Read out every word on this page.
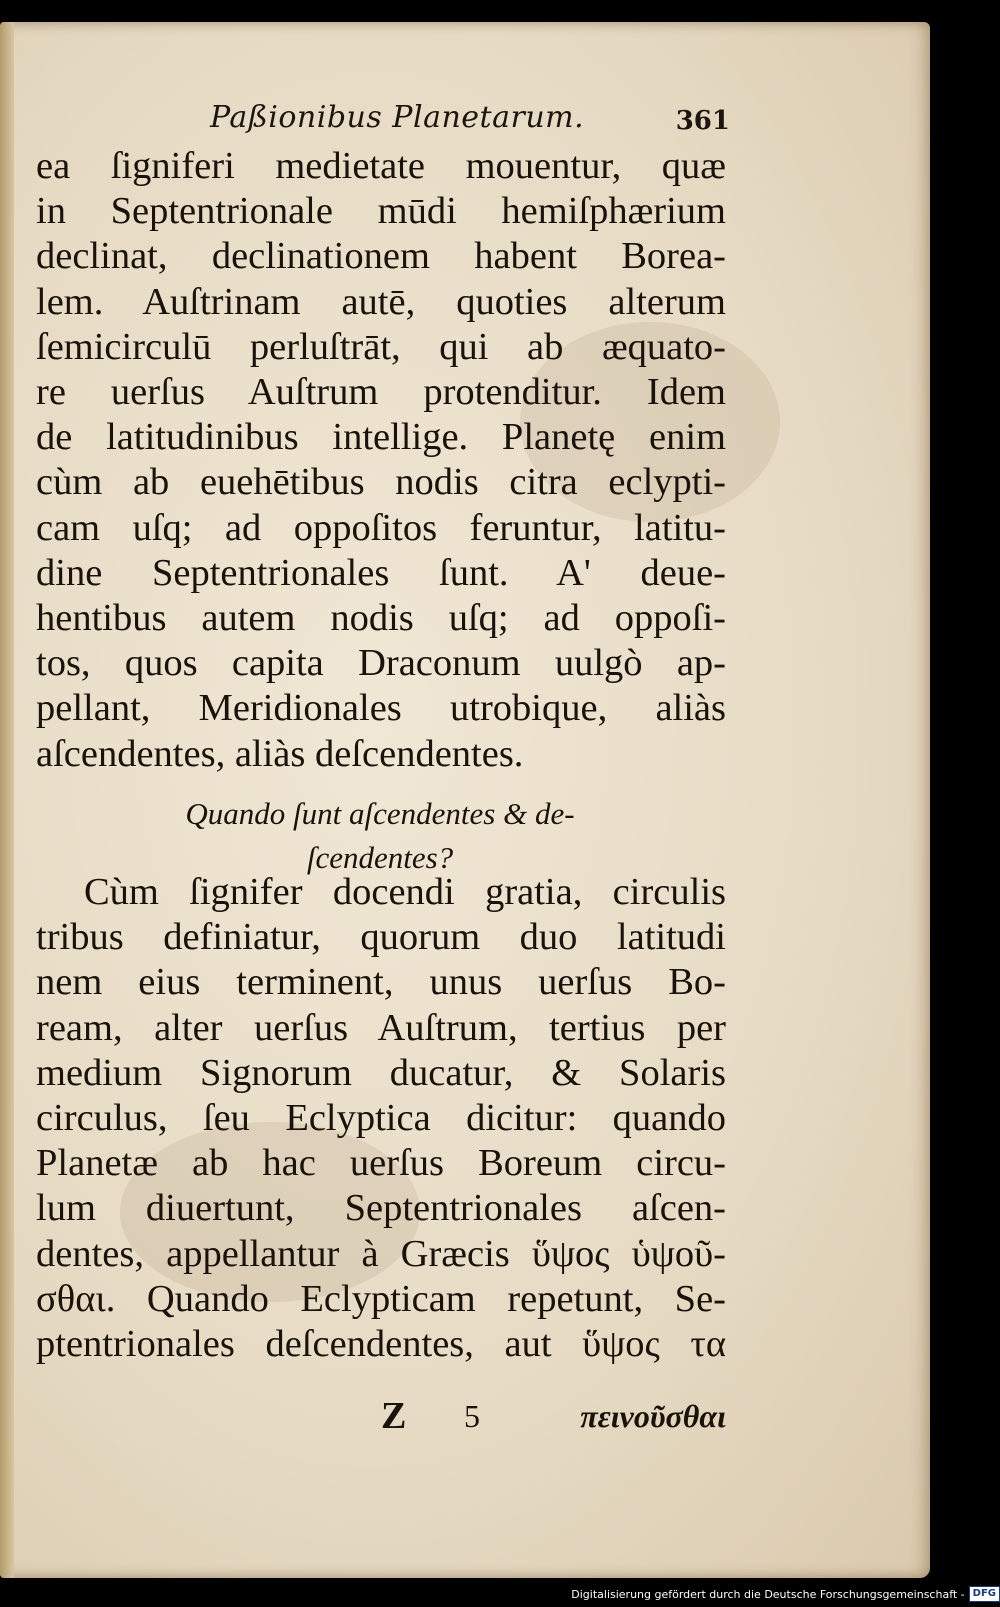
Paßionibus Planetarum.	361
ea ſigniferi medietate mouentur, quæ
in Septentrionale mūdi hemiſphærium
declinat, declinationem habent Borea-
lem. Auſtrinam autē, quoties alterum
ſemicirculū perluſtrāt, qui ab æquato-
re uerſus Auſtrum protenditur. Idem
de latitudinibus intellige. Planetę enim
cùm ab euehētibus nodis citra eclypti-
cam uſq; ad oppoſitos feruntur, latitu-
dine Septentrionales ſunt. A' deue-
hentibus autem nodis uſq; ad oppoſi-
tos, quos capita Draconum uulgò ap-
pellant, Meridionales utrobique, aliàs
aſcendentes, aliàs deſcendentes.
Quando ſunt aſcendentes & de-
ſcendentes?
Cùm ſignifer docendi gratia, circulis
tribus definiatur, quorum duo latitudi
nem eius terminent, unus uerſus Bo-
ream, alter uerſus Auſtrum, tertius per
medium Signorum ducatur, & Solaris
circulus, ſeu Eclyptica dicitur: quando
Planetæ ab hac uerſus Boreum circu-
lum diuertunt, Septentrionales aſcen-
dentes, appellantur à Græcis ὕψος ὑψοῦ-
σθαι. Quando Eclypticam repetunt, Se-
ptentrionales deſcendentes, aut ὕψος τα
Z 5	πεινοῦσθαι
Digitalisierung gefördert durch die Deutsche Forschungsgemeinschaft - DFG
